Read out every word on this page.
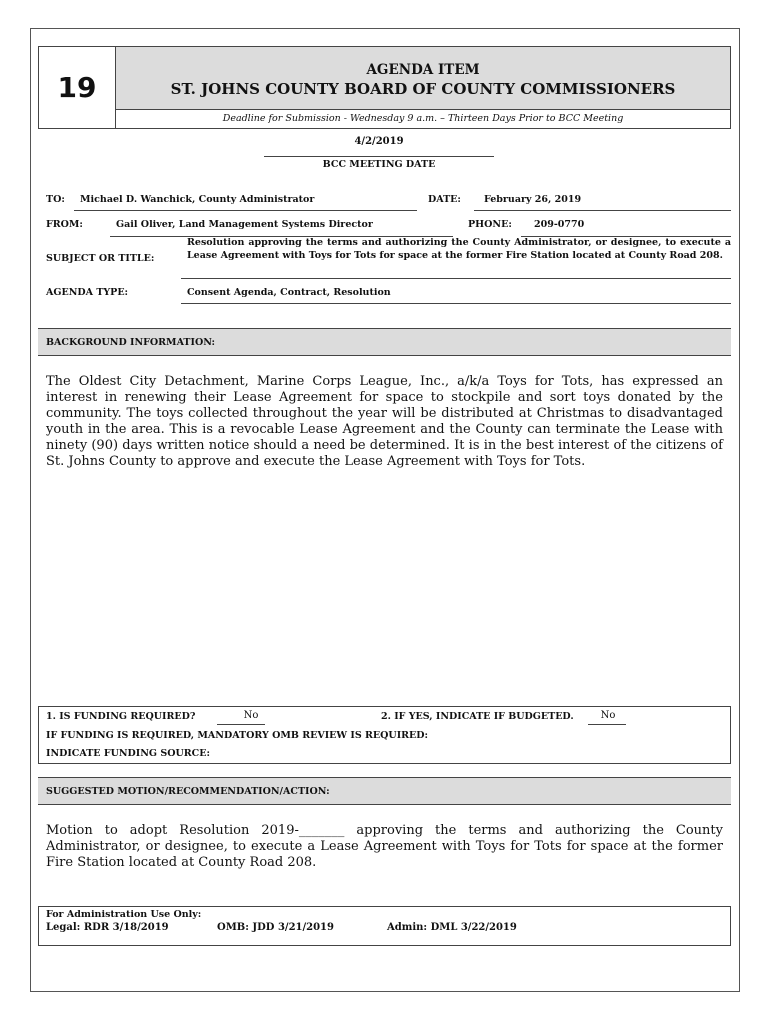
19
AGENDA ITEM
ST. JOHNS COUNTY BOARD OF COUNTY COMMISSIONERS
Deadline for Submission - Wednesday 9 a.m. – Thirteen Days Prior to BCC Meeting
4/2/2019
BCC MEETING DATE
TO: Michael D. Wanchick, County Administrator	DATE: February 26, 2019
FROM:	Gail Oliver, Land Management Systems Director	PHONE: 209-0770
SUBJECT OR TITLE:
Resolution approving the terms and authorizing the County Administrator, or designee, to execute a Lease Agreement with Toys for Tots for space at the former Fire Station located at County Road 208.
AGENDA TYPE:	Consent Agenda, Contract, Resolution
BACKGROUND INFORMATION:
The Oldest City Detachment, Marine Corps League, Inc., a/k/a Toys for Tots, has expressed an interest in renewing their Lease Agreement for space to stockpile and sort toys donated by the community. The toys collected throughout the year will be distributed at Christmas to disadvantaged youth in the area. This is a revocable Lease Agreement and the County can terminate the Lease with ninety (90) days written notice should a need be determined. It is in the best interest of the citizens of St. Johns County to approve and execute the Lease Agreement with Toys for Tots.
1. IS FUNDING REQUIRED?	No	2. IF YES, INDICATE IF BUDGETED.	No
IF FUNDING IS REQUIRED, MANDATORY OMB REVIEW IS REQUIRED:
INDICATE FUNDING SOURCE:
SUGGESTED MOTION/RECOMMENDATION/ACTION:
Motion to adopt Resolution 2019-_______ approving the terms and authorizing the County Administrator, or designee, to execute a Lease Agreement with Toys for Tots for space at the former Fire Station located at County Road 208.
For Administration Use Only:
Legal: RDR 3/18/2019	OMB: JDD 3/21/2019	Admin: DML 3/22/2019
